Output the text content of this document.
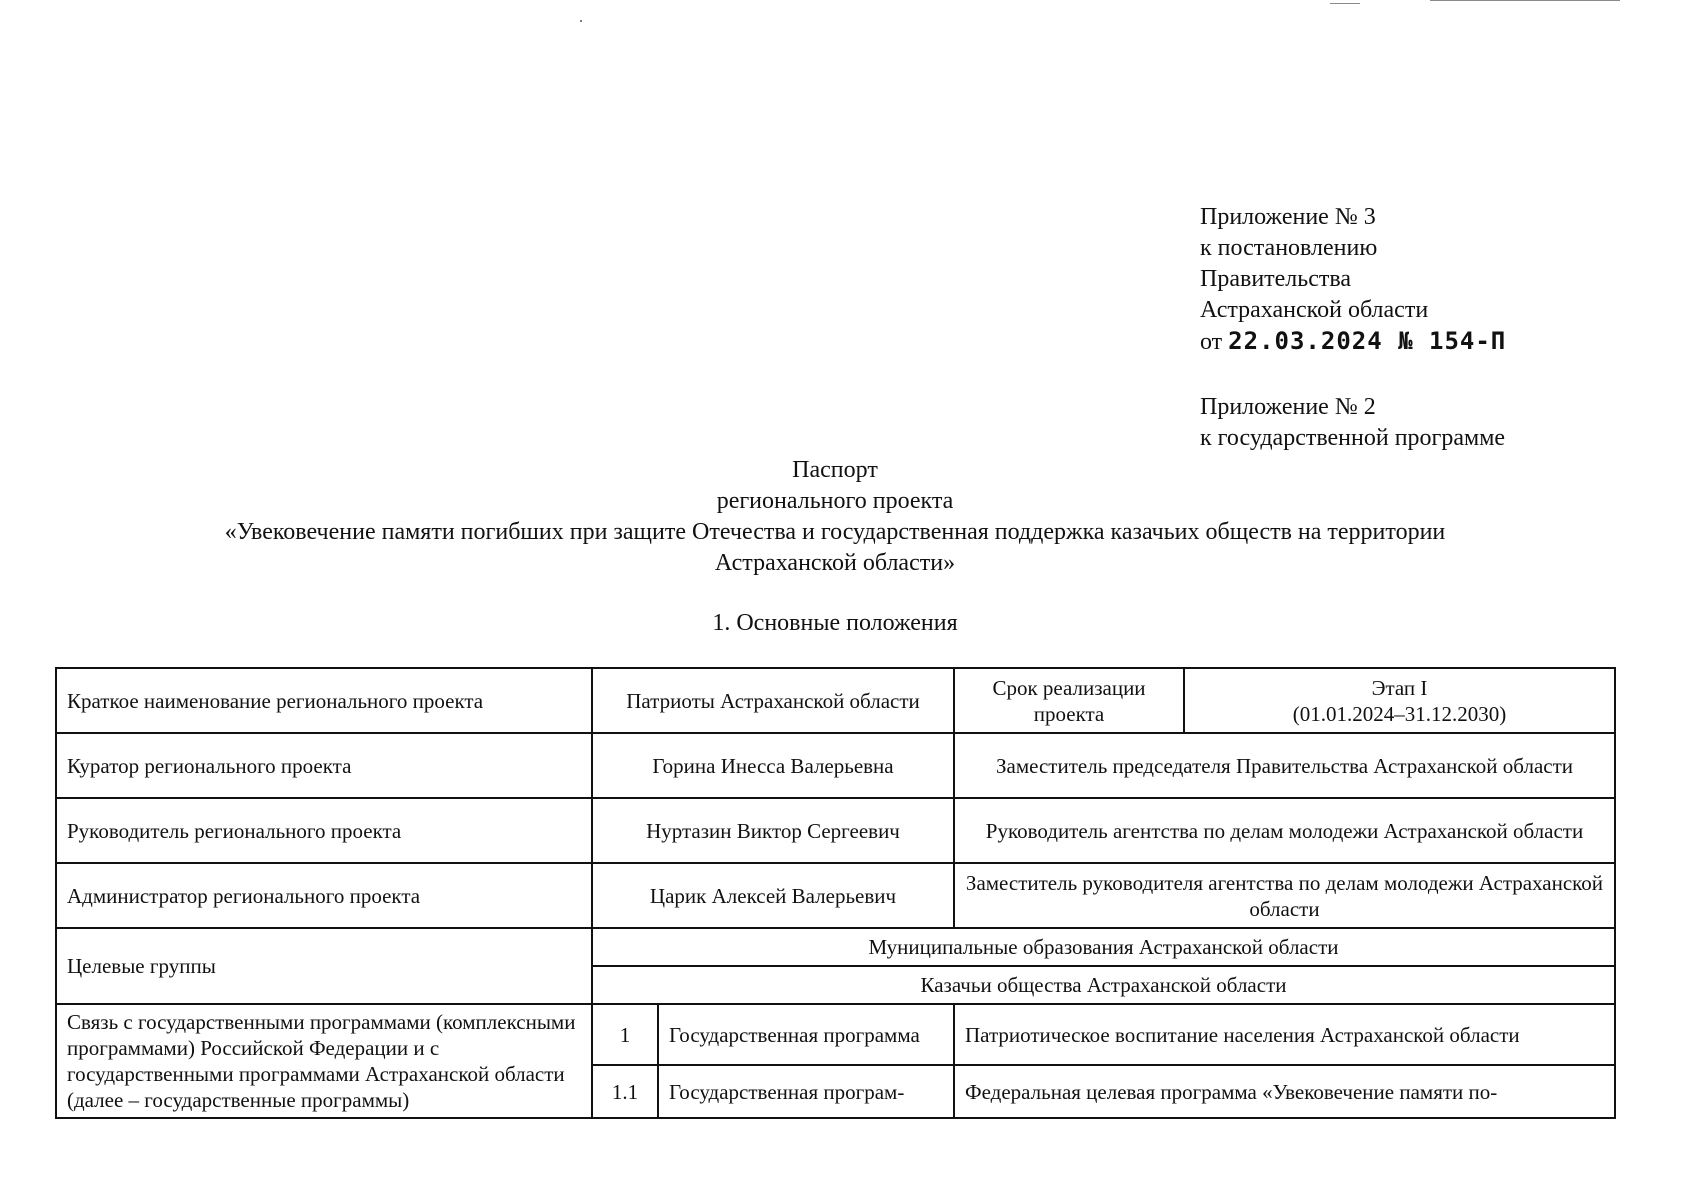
Приложение № 3
к постановлению
Правительства
Астраханской области
от 22.03.2024 № 154-П
Приложение № 2
к государственной программе
Паспорт
регионального проекта
«Увековечение памяти погибших при защите Отечества и государственная поддержка казачьих обществ на территории
Астраханской области»
1. Основные положения
Краткое наименование регионального проекта	Патриоты Астраханской области		Срок реализации проекта	Этап I
(01.01.2024–31.12.2030)

Куратор регионального проекта	Горина Инесса Валерьевна		Заместитель председателя Правительства Астраханской области	
Руководитель регионального проекта	Нуртазин Виктор Сергеевич		Руководитель агентства по делам молодежи Астраханской области	
Администратор регионального проекта	Царик Алексей Валерьевич		Заместитель руководителя агентства по делам молодежи Астраханской области	
Целевые группы	Муниципальные образования Астраханской области			
	Казачьи общества Астраханской области			
Связь с государственными программами (комплексными программами) Российской Федерации и с государственными программами Астраханской области (далее – государственные программы)	1	Государственная программа	Патриотическое воспитание населения Астраханской области	
	1.1	Государственная програм-	Федеральная целевая программа «Увековечение памяти по-	
